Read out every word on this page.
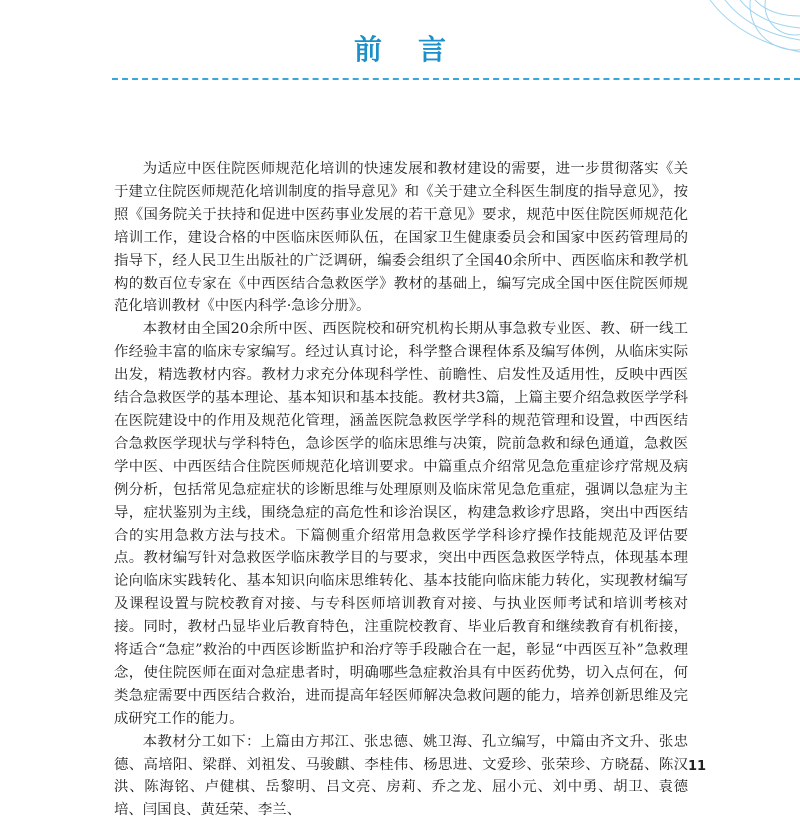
前言

为适应中医住院医师规范化培训的快速发展和教材建设的需要，进一步贯彻落实《关于建立住院医师规范化培训制度的指导意见》和《关于建立全科医生制度的指导意见》，按照《国务院关于扶持和促进中医药事业发展的若干意见》要求，规范中医住院医师规范化培训工作，建设合格的中医临床医师队伍，在国家卫生健康委员会和国家中医药管理局的指导下，经人民卫生出版社的广泛调研，编委会组织了全国40余所中、西医临床和教学机构的数百位专家在《中西医结合急救医学》教材的基础上，编写完成全国中医住院医师规范化培训教材《中医内科学·急诊分册》。

本教材由全国20余所中医、西医院校和研究机构长期从事急救专业医、教、研一线工作经验丰富的临床专家编写。经过认真讨论，科学整合课程体系及编写体例，从临床实际出发，精选教材内容。教材力求充分体现科学性、前瞻性、启发性及适用性，反映中西医结合急救医学的基本理论、基本知识和基本技能。教材共3篇，上篇主要介绍急救医学学科在医院建设中的作用及规范化管理，涵盖医院急救医学学科的规范管理和设置，中西医结合急救医学现状与学科特色，急诊医学的临床思维与决策，院前急救和绿色通道，急救医学中医、中西医结合住院医师规范化培训要求。中篇重点介绍常见急危重症诊疗常规及病例分析，包括常见急症症状的诊断思维与处理原则及临床常见急危重症，强调以急症为主导，症状鉴别为主线，围绕急症的高危性和诊治误区，构建急救诊疗思路，突出中西医结合的实用急救方法与技术。下篇侧重介绍常用急救医学学科诊疗操作技能规范及评估要点。教材编写针对急救医学临床教学目的与要求，突出中西医急救医学特点，体现基本理论向临床实践转化、基本知识向临床思维转化、基本技能向临床能力转化，实现教材编写及课程设置与院校教育对接、与专科医师培训教育对接、与执业医师考试和培训考核对接。同时，教材凸显毕业后教育特色，注重院校教育、毕业后教育和继续教育有机衔接，将适合“急症”救治的中西医诊断监护和治疗等手段融合在一起，彰显“中西医互补”急救理念，使住院医师在面对急症患者时，明确哪些急症救治具有中医药优势，切入点何在，何类急症需要中西医结合救治，进而提高年轻医师解决急救问题的能力，培养创新思维及完成研究工作的能力。

本教材分工如下：上篇由方邦江、张忠德、姚卫海、孔立编写，中篇由齐文升、张忠德、高培阳、梁群、刘祖发、马骏麒、李桂伟、杨思进、文爱珍、张荣珍、方晓磊、陈汉洪、陈海铭、卢健棋、岳黎明、吕文亮、房莉、乔之龙、屈小元、刘中勇、胡卫、袁德培、闫国良、黄廷荣、李兰、

11
